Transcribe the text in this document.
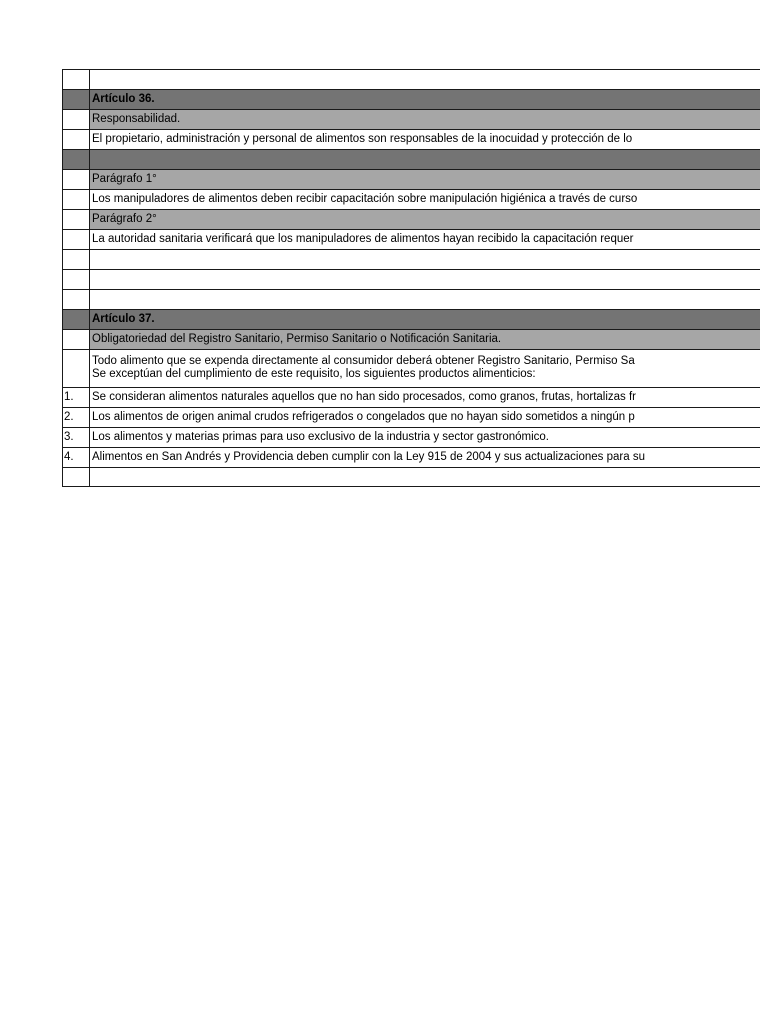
Artículo 36.
Responsabilidad.
El propietario, administración y personal de alimentos son responsables de la inocuidad y protección de lo
Parágrafo 1°
Los manipuladores de alimentos deben recibir capacitación sobre manipulación higiénica a través de curso
Parágrafo 2°
La autoridad sanitaria verificará que los manipuladores de alimentos hayan recibido la capacitación requer
Artículo 37.
Obligatoriedad del Registro Sanitario, Permiso Sanitario o Notificación Sanitaria.
Todo alimento que se expenda directamente al consumidor deberá obtener Registro Sanitario, Permiso Sa
Se exceptúan del cumplimiento de este requisito, los siguientes productos alimenticios:
1.	Se consideran alimentos naturales aquellos que no han sido procesados, como granos, frutas, hortalizas fr
2.	Los alimentos de origen animal crudos refrigerados o congelados que no hayan sido sometidos a ningún p
3.	Los alimentos y materias primas para uso exclusivo de la industria y sector gastronómico.
4.	Alimentos en San Andrés y Providencia deben cumplir con la Ley 915 de 2004 y sus actualizaciones para su
